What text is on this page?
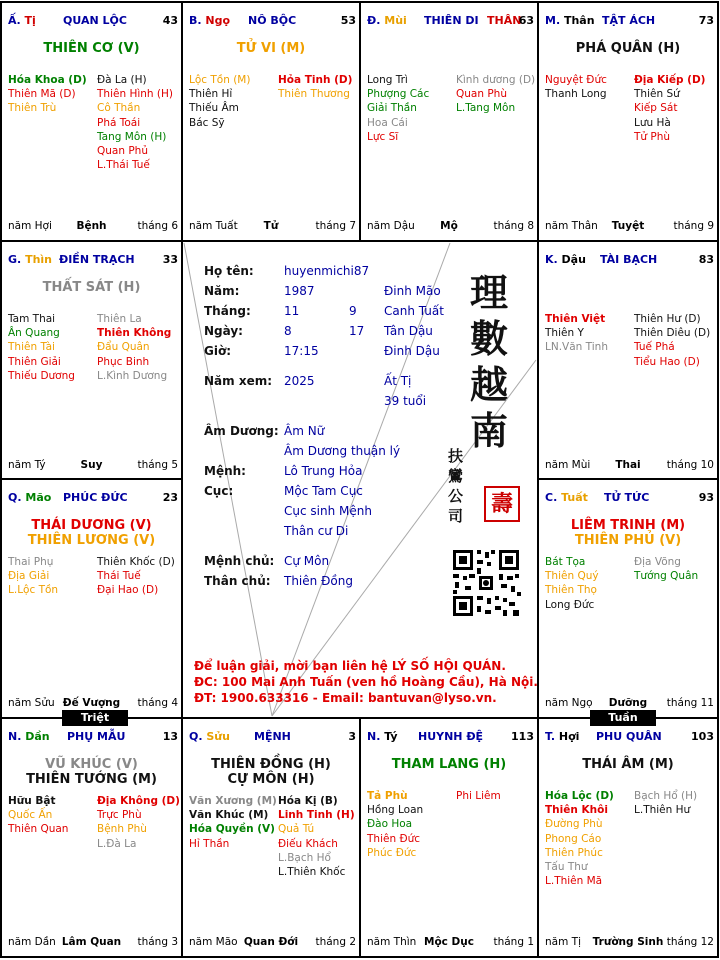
Ấ. Tị QUAN LỘC	43
THIÊN CƠ (V)
Hóa Khoa (D)
Thiên Mã (D)
Thiên Trù
Đà La (H)
Thiên Hình (H)
Cô Thần
Phá Toái
Tang Môn (H)
Quan Phủ
L.Thái Tuế
năm Hợi	Bệnh	tháng 6
B. Ngọ NÔ BỘC	53
TỬ VI (M)
Lộc Tồn (M)
Thiên Hỉ
Thiếu Âm
Bác Sỹ
Hỏa Tinh (D)
Thiên Thương
năm Tuất	Tử	tháng 7
Đ. Mùi THIÊN DI THÂN
63
Long Trì
Phượng Các
Giải Thần
Hoa Cái
Lực Sĩ
Kình dương (D)
Quan Phù
L.Tang Môn
năm Dậu	Mộ	tháng 8
M. Thân TẬT ÁCH	73
PHÁ QUÂN (H)
Nguyệt Đức
Thanh Long
Địa Kiếp (D)
Thiên Sứ
Kiếp Sát
Lưu Hà
Tử Phù
năm Thân	Tuyệt	tháng 9
G. Thìn ĐIỀN TRẠCH	33
THẤT SÁT (H)
Tam Thai
Ân Quang
Thiên Tài
Thiên Giải
Thiếu Dương
Thiên La
Thiên Không
Đẩu Quân
Phục Binh
L.Kình Dương
năm Tý	Suy	tháng 5
K. Dậu TÀI BẠCH	83
Thiên Việt
Thiên Y
LN.Văn Tinh
Thiên Hư (D)
Thiên Diêu (D)
Tuế Phá
Tiểu Hao (D)
năm Mùi	Thai	tháng 10
Q. Mão PHÚC ĐỨC	23
THÁI DƯƠNG (V)
THIÊN LƯƠNG (V)
Thai Phụ
Địa Giải
L.Lộc Tồn
Thiên Khốc (D)
Thái Tuế
Đại Hao (D)
năm Sửu Đế Vượng	tháng 4
C. Tuất TỬ TỨC	93
LIÊM TRINH (M)
THIÊN PHỦ (V)
Bát Tọa
Thiên Quý
Thiên Thọ
Long Đức
Địa Võng
Tướng Quân
năm Ngọ	Dưỡng	tháng 11
N. Dần PHỤ MẪU	13
VŨ KHÚC (V)
THIÊN TƯỚNG (M)
Hữu Bật
Quốc Ấn
Thiên Quan
Địa Không (D)
Trực Phù
Bệnh Phù
L.Đà La
năm Dần Lâm Quan	tháng 3
Q. Sửu MỆNH	3
THIÊN ĐỒNG (H)
CỰ MÔN (H)
Văn Xương (M)
Văn Khúc (M)
Hóa Quyền (V)
Hỉ Thần
Hóa Kị (B)
Linh Tinh (H)
Quả Tú
Điếu Khách
L.Bạch Hổ
L.Thiên Khốc
năm Mão Quan Đới	tháng 2
N. Tý HUYNH ĐỆ	113
THAM LANG (H)
Tả Phù
Hồng Loan
Đào Hoa
Thiên Đức
Phúc Đức
Phi Liêm
năm Thìn Mộc Dục	tháng 1
T. Hợi PHU QUÂN	103
THÁI ÂM (M)
Hóa Lộc (D)
Thiên Khôi
Đường Phù
Phong Cáo
Thiên Phúc
Tấu Thư
L.Thiên Mã
Bạch Hổ (H)
L.Thiên Hư
năm Tị	Trường Sinh tháng 12
Họ tên:	huyenmichi87
Năm:	1987	Đinh Mão
Tháng:	11	9 Canh Tuất
Ngày:	8	17 Tân Dậu
Giờ:	17:15	Đinh Dậu
Năm xem: 2025	Ất Tị
39 tuổi
Âm Dương: Âm Nữ
Âm Dương thuận lý
Mệnh:	Lô Trung Hỏa
Cục:	Mộc Tam Cục
Cục sinh Mệnh
Thân cư Di
Mệnh chủ: Cự Môn
Thân chủ: Thiên Đồng
理
數
越
南
扶
鸞
公
司	壽
Để luận giải, mời bạn liên hệ LÝ SỐ HỘI QUÁN.
ĐC: 100 Mai Anh Tuấn (ven hồ Hoàng Cầu), Hà Nội.
ĐT: 1900.633316 - Email: bantuvan@lyso.vn.
Triệt	Tuần
